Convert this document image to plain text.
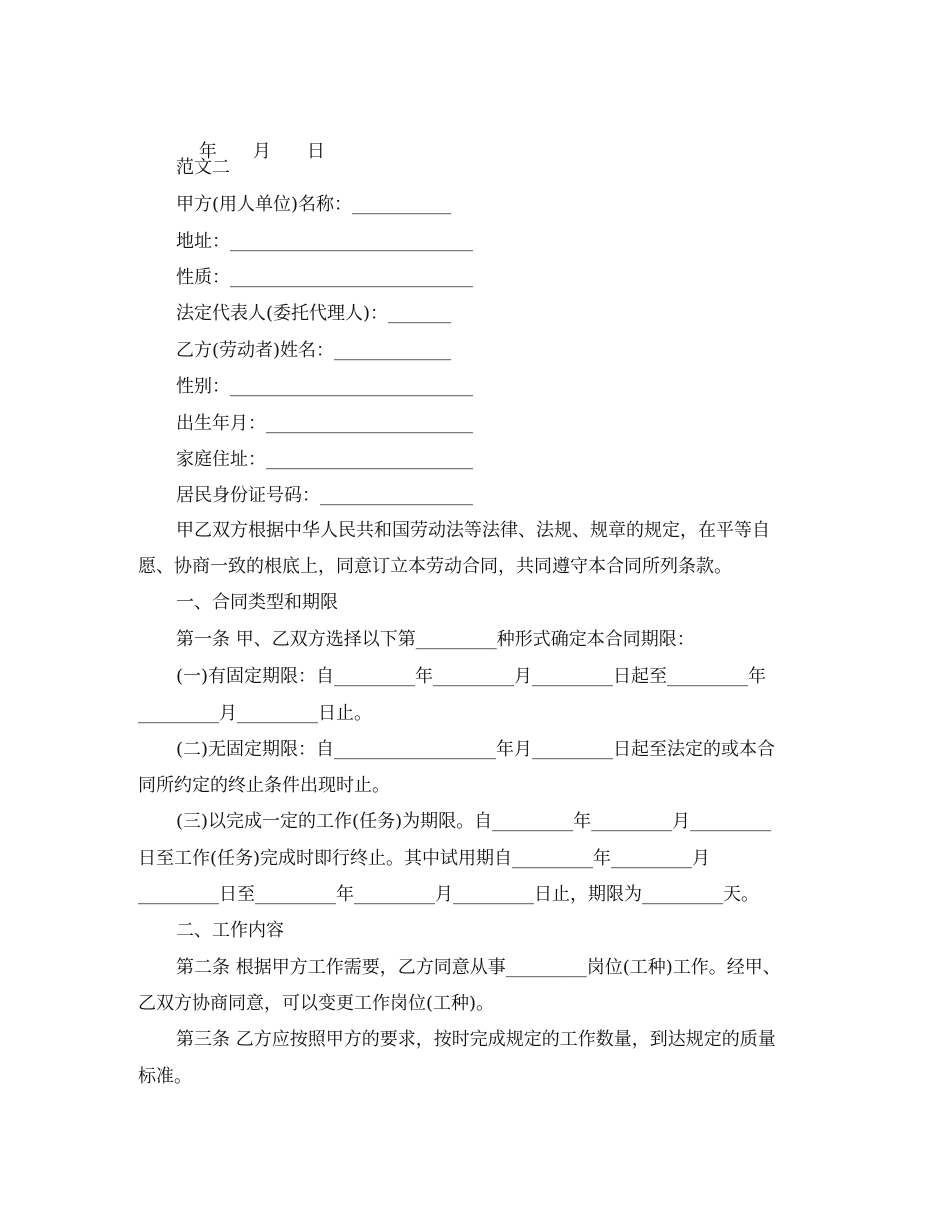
年 月 日

范文二
甲方(用人单位)名称：___________
地址：___________________________
性质：___________________________
法定代表人(委托代理人)：_______
乙方(劳动者)姓名：_____________
性别：___________________________
出生年月：_______________________
家庭住址：_______________________
居民身份证号码：_________________
甲乙双方根据中华人民共和国劳动法等法律、法规、规章的规定，在平等自
愿、协商一致的根底上，同意订立本劳动合同，共同遵守本合同所列条款。
一、合同类型和期限
第一条 甲、乙双方选择以下第_________种形式确定本合同期限：
(一)有固定期限：自_________年_________月_________日起至_________年
_________月_________日止。
(二)无固定期限：自__________________年月_________日起至法定的或本合
同所约定的终止条件出现时止。
(三)以完成一定的工作(任务)为期限。自_________年_________月_________
日至工作(任务)完成时即行终止。其中试用期自_________年_________月
_________日至_________年_________月_________日止，期限为_________天。
二、工作内容
第二条 根据甲方工作需要，乙方同意从事_________岗位(工种)工作。经甲、
乙双方协商同意，可以变更工作岗位(工种)。
第三条 乙方应按照甲方的要求，按时完成规定的工作数量，到达规定的质量
标准。
